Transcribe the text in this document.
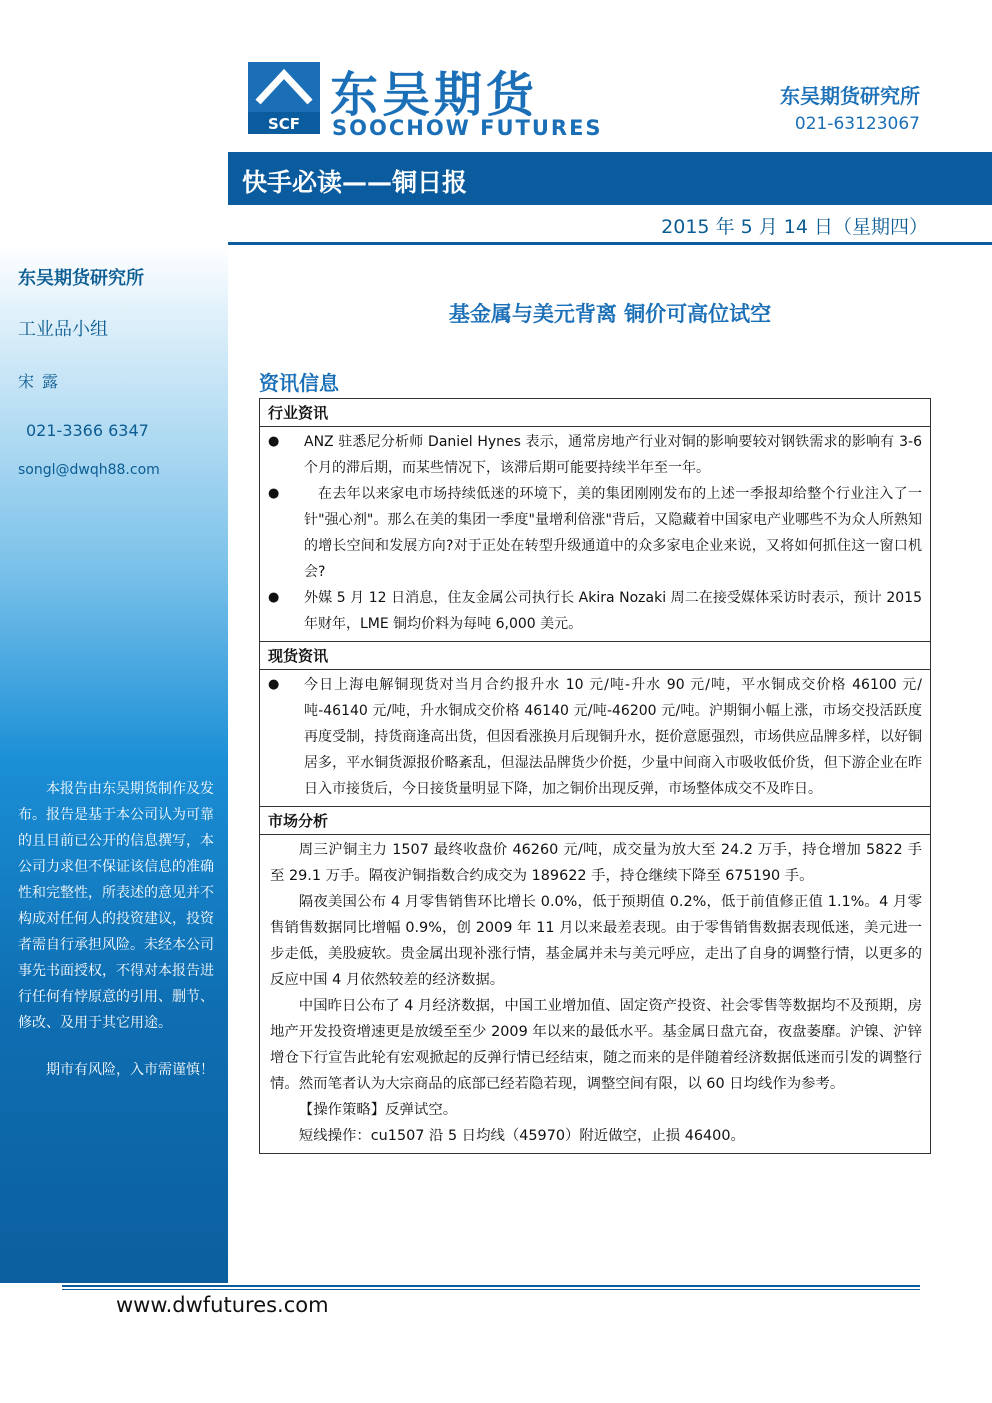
东吴期货研究所
工业品小组
宋露
021-3366 6347
songl@dwqh88.com
本报告由东吴期货制作及发布。报告是基于本公司认为可靠的且目前已公开的信息撰写，本公司力求但不保证该信息的准确性和完整性，所表述的意见并不构成对任何人的投资建议，投资者需自行承担风险。未经本公司事先书面授权，不得对本报告进行任何有悖原意的引用、删节、修改、及用于其它用途。
期市有风险，入市需谨慎！
SCF
东吴期货
SOOCHOW FUTURES
东吴期货研究所
021-63123067
快手必读——铜日报
2015 年 5 月 14 日（星期四）
基金属与美元背离 铜价可高位试空
资讯信息
行业资讯

●	ANZ 驻悉尼分析师 Daniel Hynes 表示，通常房地产行业对铜的影响要较对钢铁需求的影响有 3-6 个月的滞后期，而某些情况下，该滞后期可能要持续半年至一年。
●	在去年以来家电市场持续低迷的环境下，美的集团刚刚发布的上述一季报却给整个行业注入了一针"强心剂"。那么在美的集团一季度"量增利倍涨"背后，又隐藏着中国家电产业哪些不为众人所熟知的增长空间和发展方向?对于正处在转型升级通道中的众多家电企业来说，又将如何抓住这一窗口机会?
●	外媒 5 月 12 日消息，住友金属公司执行长 Akira Nozaki 周二在接受媒体采访时表示，预计 2015 年财年，LME 铜均价料为每吨 6,000 美元。

现货资讯

●	今日上海电解铜现货对当月合约报升水 10 元/吨-升水 90 元/吨，平水铜成交价格 46100 元/吨-46140 元/吨，升水铜成交价格 46140 元/吨-46200 元/吨。沪期铜小幅上涨，市场交投活跃度再度受制，持货商逢高出货，但因看涨换月后现铜升水，挺价意愿强烈，市场供应品牌多样，以好铜居多，平水铜货源报价略紊乱，但湿法品牌货少价挺，少量中间商入市吸收低价货，但下游企业在昨日入市接货后，今日接货量明显下降，加之铜价出现反弹，市场整体成交不及昨日。

市场分析

周三沪铜主力 1507 最终收盘价 46260 元/吨，成交量为放大至 24.2 万手，持仓增加 5822 手至 29.1 万手。隔夜沪铜指数合约成交为 189622 手，持仓继续下降至 675190 手。

隔夜美国公布 4 月零售销售环比增长 0.0%，低于预期值 0.2%，低于前值修正值 1.1%。4 月零售销售数据同比增幅 0.9%，创 2009 年 11 月以来最差表现。由于零售销售数据表现低迷，美元进一步走低，美股疲软。贵金属出现补涨行情，基金属并未与美元呼应，走出了自身的调整行情，以更多的反应中国 4 月依然较差的经济数据。

中国昨日公布了 4 月经济数据，中国工业增加值、固定资产投资、社会零售等数据均不及预期，房地产开发投资增速更是放缓至至少 2009 年以来的最低水平。基金属日盘亢奋，夜盘萎靡。沪镍、沪锌增仓下行宣告此轮有宏观掀起的反弹行情已经结束，随之而来的是伴随着经济数据低迷而引发的调整行情。然而笔者认为大宗商品的底部已经若隐若现，调整空间有限，以 60 日均线作为参考。

【操作策略】反弹试空。

短线操作：cu1507 沿 5 日均线（45970）附近做空，止损 46400。

www.dwfutures.com
